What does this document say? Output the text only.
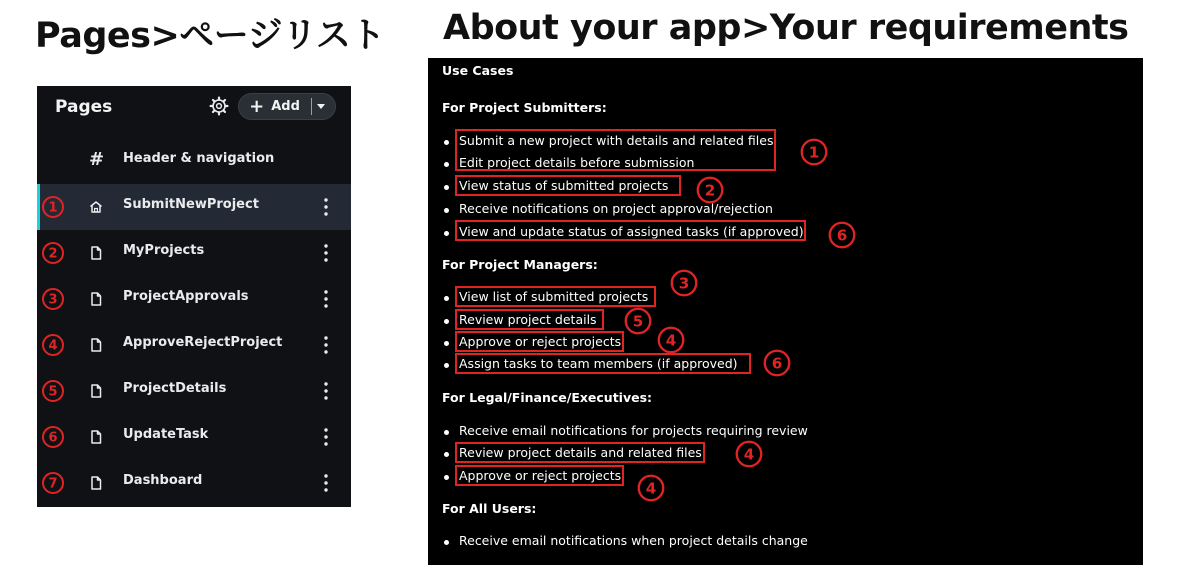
Pages>ページリスト About your app>Your requirements
Pages	+ Add
# Header & navigation
SubmitNewProject
1
MyProjects
2
ProjectApprovals
3
ApproveRejectProject
4
ProjectDetails
5
UpdateTask
6
Dashboard
7
Use Cases
For Project Submitters:
Submit a new project with details and related files
Edit project details before submission
View status of submitted projects
Receive notifications on project approval/rejection
View and update status of assigned tasks (if approved)
For Project Managers:
View list of submitted projects
Review project details
Approve or reject projects
Assign tasks to team members (if approved)
For Legal/Finance/Executives:
Receive email notifications for projects requiring review
Review project details and related files
Approve or reject projects
For All Users:
Receive email notifications when project details change
1
2
6
3
5
4
6
4
4
